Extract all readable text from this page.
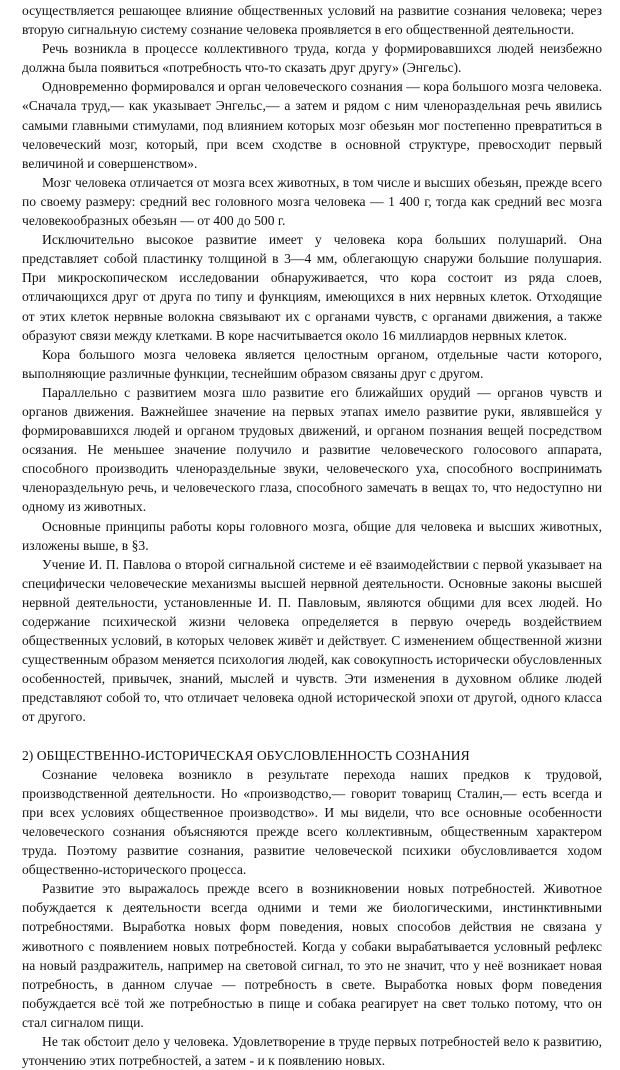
осуществляется решающее влияние общественных условий на развитие сознания человека; через вторую сигнальную систему сознание человека проявляется в его общественной деятельности.

Речь возникла в процессе коллективного труда, когда у формировавшихся людей неизбежно должна была появиться «потребность что-то сказать друг другу» (Энгельс).

Одновременно формировался и орган человеческого сознания — кора большого мозга человека. «Сначала труд,— как указывает Энгельс,— а затем и рядом с ним членораздельная речь явились самыми главными стимулами, под влиянием которых мозг обезьян мог постепенно превратиться в человеческий мозг, который, при всем сходстве в основной структуре, превосходит первый величиной и совершенством».

Мозг человека отличается от мозга всех животных, в том числе и высших обезьян, прежде всего по своему размеру: средний вес головного мозга человека — 1 400 г, тогда как средний вес мозга человекообразных обезьян — от 400 до 500 г.

Исключительно высокое развитие имеет у человека кора больших полушарий. Она представляет собой пластинку толщиной в 3—4 мм, облегающую снаружи большие полушария. При микроскопическом исследовании обнаруживается, что кора состоит из ряда слоев, отличающихся друг от друга по типу и функциям, имеющихся в них нервных клеток. Отходящие от этих клеток нервные волокна связывают их с органами чувств, с органами движения, а также образуют связи между клетками. В коре насчитывается около 16 миллиардов нервных клеток.

Кора большого мозга человека является целостным органом, отдельные части которого, выполняющие различные функции, теснейшим образом связаны друг с другом.

Параллельно с развитием мозга шло развитие его ближайших орудий — органов чувств и органов движения. Важнейшее значение на первых этапах имело развитие руки, являвшейся у формировавшихся людей и органом трудовых движений, и органом познания вещей посредством осязания. Не меньшее значение получило и развитие человеческого голосового аппарата, способного производить членораздельные звуки, человеческого уха, способного воспринимать членораздельную речь, и человеческого глаза, способного замечать в вещах то, что недоступно ни одному из животных.

Основные принципы работы коры головного мозга, общие для человека и высших животных, изложены выше, в §3.

Учение И. П. Павлова о второй сигнальной системе и её взаимодействии с первой указывает на специфически человеческие механизмы высшей нервной деятельности. Основные законы высшей нервной деятельности, установленные И. П. Павловым, являются общими для всех людей. Но содержание психической жизни человека определяется в первую очередь воздействием общественных условий, в которых человек живёт и действует. С изменением общественной жизни существенным образом меняется психология людей, как совокупность исторически обусловленных особенностей, привычек, знаний, мыслей и чувств. Эти изменения в духовном облике людей представляют собой то, что отличает человека одной исторической эпохи от другой, одного класса от другого.

2) ОБЩЕСТВЕННО-ИСТОРИЧЕСКАЯ ОБУСЛОВЛЕННОСТЬ СОЗНАНИЯ

Сознание человека возникло в результате перехода наших предков к трудовой, производственной деятельности. Но «производство,— говорит товарищ Сталин,— есть всегда и при всех условиях общественное производство». И мы видели, что все основные особенности человеческого сознания объясняются прежде всего коллективным, общественным характером труда. Поэтому развитие сознания, развитие человеческой психики обусловливается ходом общественно-исторического процесса.

Развитие это выражалось прежде всего в возникновении новых потребностей. Животное побуждается к деятельности всегда одними и теми же биологическими, инстинктивными потребностями. Выработка новых форм поведения, новых способов действия не связана у животного с появлением новых потребностей. Когда у собаки вырабатывается условный рефлекс на новый раздражитель, например на световой сигнал, то это не значит, что у неё возникает новая потребность, в данном случае — потребность в свете. Выработка новых форм поведения побуждается всё той же потребностью в пище и собака реагирует на свет только потому, что он стал сигналом пищи.

Не так обстоит дело у человека. Удовлетворение в труде первых потребностей вело к развитию, утончению этих потребностей, а затем - и к появлению новых.
